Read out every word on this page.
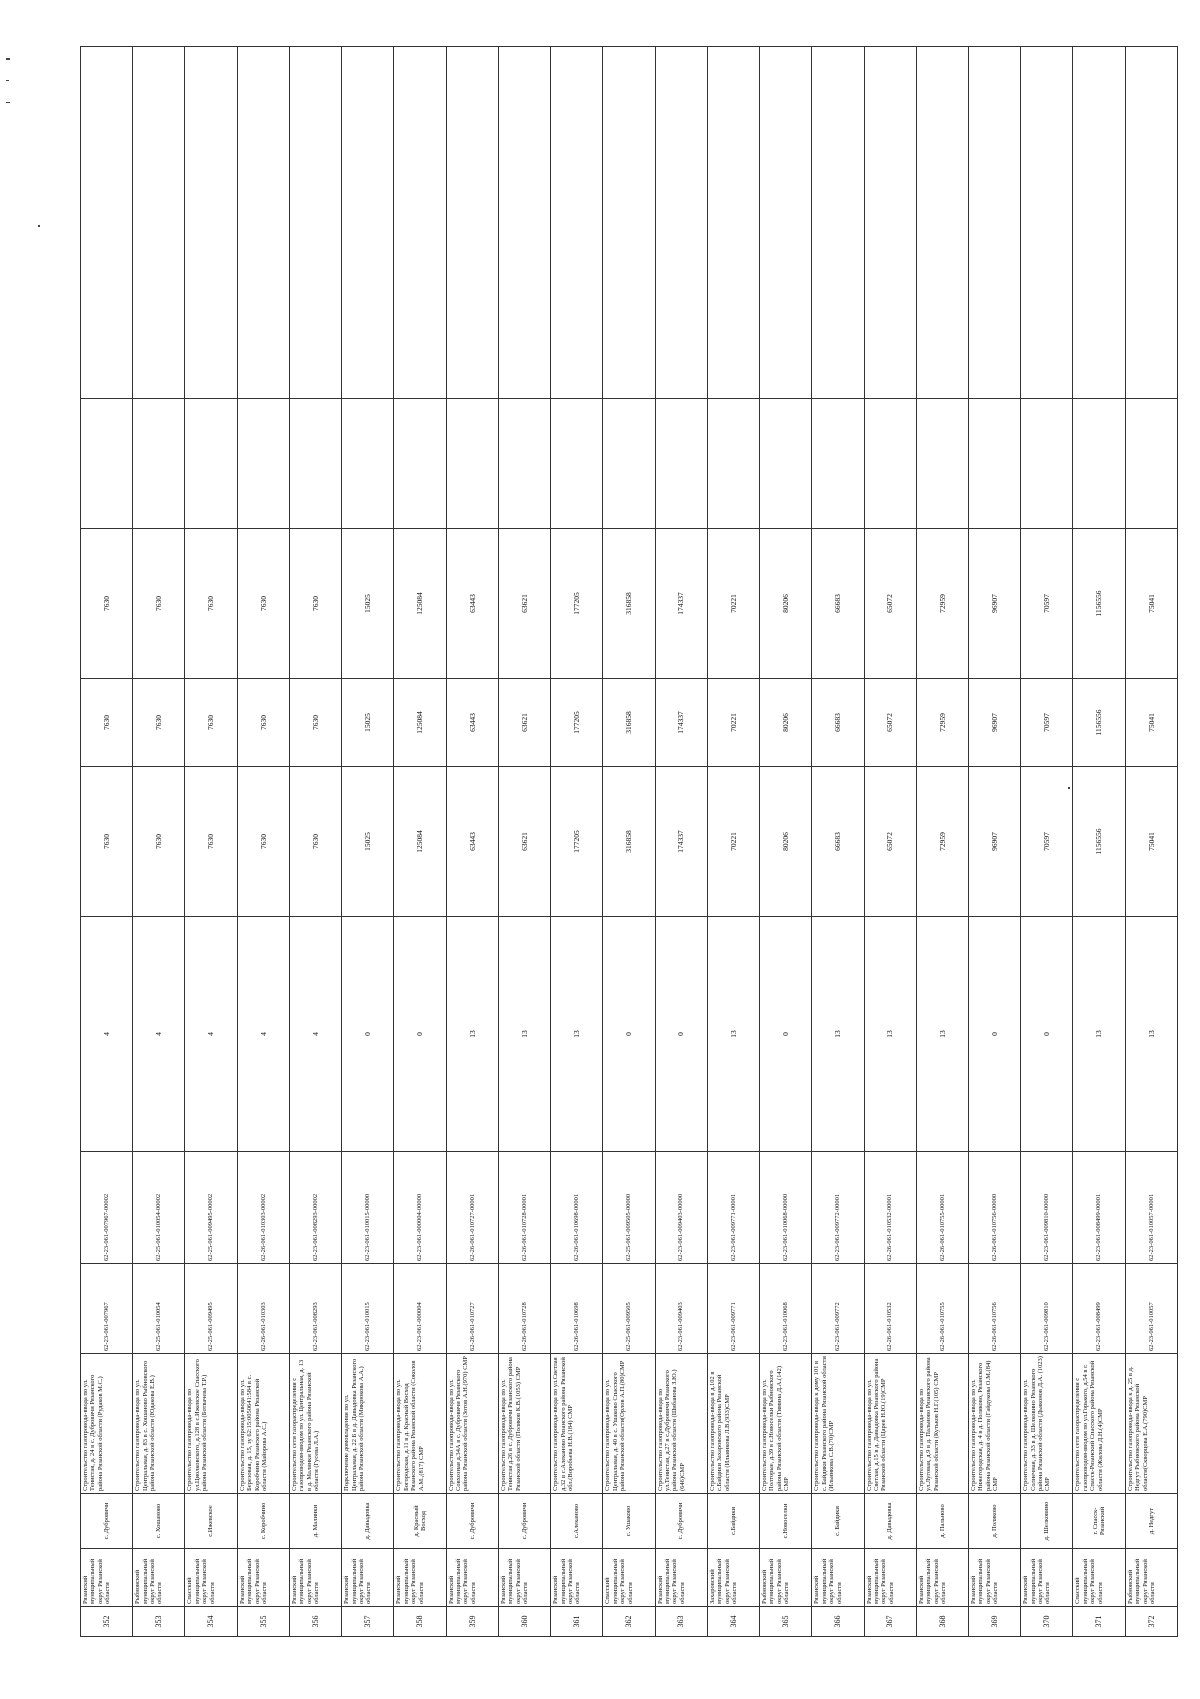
352	Рязанский муниципальный округ Рязанской области	с. Дубровичи	Строительство газопровода-ввода по ул. Тенистая, д. 24 в с. Дубровичи Рязанского района Рязанской области (Рудаков М.С.)	62-23-061-007967	62-23-061-007967-00002	4	7630	7630	7630		
353	Рыбновский муниципальный округ Рязанской области	с. Хошаново	Строительство газопровода-ввода по ул. Центральная, д. 83 в с. Хошаново Рыбновского района Рязанской области (Юдакова Е.В.)	62-25-061-010054	62-25-061-010054-00002	4	7630	7630	7630		
354	Спасский муниципальный округ Рязанской области	с.Ижевское	Строительство газопровода-ввода по ул.Циолковского, д.128 в с.Ижевское Спасского района Рязанской области (Ботвачева Т.Р.)	62-25-061-009495	62-25-061-009495-00002	4	7630	7630	7630		
355	Рязанский муниципальный округ Рязанской области	с. Коробчино	Строительство газопровода-ввода по ул. Березовая, д. 15, зу 62:15:0050641:584 в с. Коробчино Рязанского района Рязанской области (Майорова А.С.)	62-26-061-010303	62-26-061-010303-00002	4	7630	7630	7630		
356	Рязанский муниципальный округ Рязанской области	д. Малинки	Строительство сети газораспределения с газопроводом-вводом по ул. Центральная, д. 13 в д. Малинки Рязанского района Рязанской области (Гусева Л.А.)	62-23-061-008293	62-23-061-008293-00002	4	7630	7630	7630		
357	Рязанский муниципальный округ Рязанской области	д. Давыдовка	Подключение домовладения по ул. Центральная, д. 22 Б в д. Давыдовка Рязанского района Рязанской области (Микрюкова А.А.)	62-23-061-010015	62-23-061-010015-00000	0	15025	15025	15025		
358	Рязанский муниципальный округ Рязанской области	д. Красный Восход	Строительство газопровода-ввода по ул. Богородская, д.11 в д. Красный Восход Рязанского района Рязанской области (Соколов А.М.,(817) СМР	62-23-061-000004	62-23-061-000004-00000	0	125084	125084	125084		
359	Рязанский муниципальный округ Рязанской области	с. Дубровичи	Строительство газопровода-ввода по ул. Совхозная д.34А в с. Дубровичи Рязанского района Рязанской области (Зотов А.Н.(970) СМР	62-26-061-010727	62-26-061-010727-00001	13	63443	63443	63443		
360	Рязанский муниципальный округ Рязанской области	с. Дубровичи	Строительство газопровода-ввода по ул. Тенистая д.26 в с. Дубровичи Рязанского района Рязанской области (Поляков К.В.(1053) СМР	62-26-061-010728	62-26-061-010728-00001	13	63621	63621	63621		
361	Рязанский муниципальный округ Рязанской области	с.Алеканово	Строительство газопровода-ввода по ул.Светлая д.32 в с.Алеканово Рязанского района Рязанской обл.(Воробьева Н.В.(184) СМР	62-26-061-010698	62-26-061-010698-00001	13	177205	177205	177205		
362	Спасский муниципальный округ Рязанской области	с. Ушаково	Строительство газопровода-ввода по ул. Центральная, д. 40 в с. Ушаково Спасского района Рязанской области(Орлов А.П.(80)СМР	62-25-061-009505	62-25-061-009505-00000	0	316858	316858	316858		
363	Рязанский муниципальный округ Рязанской области	с. Дубровичи	Строительство газопровода-ввода по ул.Тенистая, д.27 в с.Дубровичи Рязанского района Рязанской области (Шибанова З.Ю.)(646)СМР	62-23-061-009403	62-23-061-009403-00000	0	174337	174337	174337		
364	Захаровский муниципальный округ Рязанской области	с.Байдики	Строительство газопровода-ввода в д.102 в с.Байдики Захаровского района Рязанской области (Ильинкова Л.В.(933)СМР	62-23-061-009771	62-23-061-009771-00001	13	70221	70221	70221		
365	Рыбновский муниципальный округ Рязанской области	с.Новоселки	Строительство газопровода-ввода по ул. Полторые, д.39 в с.Новоселки Рыбновского района Рязанской области (Тимина Д.А.(142) СМР	62-23-061-010068	62-23-061-010068-00000	0	80206	80206	80206		
366	Рязанский муниципальный округ Рязанской области	с. Байдики	Строительство газопровода-ввода к дому 101 в с. Байдики Рязанского района Рязанской области (Ильинкова С.В.(70)СМР	62-23-061-009772	62-23-061-009772-00001	13	66683	66683	66683		
367	Рязанский муниципальный округ Рязанской области	д. Давыдовка	Строительство газопровода-ввода по ул. Светлая, д.15 в д. Давыдовка Рязанского района Рязанской области (Царев Н.Ю.(19)СМР	62-26-061-010532	62-26-061-010532-00001	13	65072	65072	65072		
368	Рязанский муниципальный округ Рязанской области	д. Пальново	Строительство газопровода-ввода по ул.Луговая, д.9 в д. Пальново Рязанского района Рязанской области (Кутьков Н.Г.(105) СМР	62-26-061-010755	62-26-061-010755-00001	13	72959	72959	72959		
369	Рязанский муниципальный округ Рязанской области	д. Поляково	Строительство газопровода-ввода по ул. Нижегородская, д. 4 в д. Поляково, Рязанского района Рязанской области (Гайдукова О.М.(84) СМР	62-26-061-010756	62-26-061-010756-00000	0	96907	96907	96907		
370	Рязанский муниципальный округ Рязанской области	д. Шелковино	Строительство газопровода-ввода по ул. Солнечная, д. 33 в д. Шелковино Рязанского района Рязанской области (Дьяконов Д.А. (1023) СМР	62-23-061-009810	62-23-061-009810-00000	0	70597	70597	70597		
371	Спасский муниципальный округ Рязанской области	г. Спасск-Рязанский	Строительство сети газораспределения с газопроводом-вводом по ул.Горького, д.54 в г. Спасск-Рязанский Спасского района Рязанской области (Жилова Д.Н.(4)СМР	62-23-061-008499	62-23-061-008499-00001	13	1156556	1156556	1156556		
372	Рыбновский муниципальный округ Рязанской области	д. Недгут	Строительство газопровода-ввода к д. 25 в д. Недгут Рыбновского района Рязанской области(Скворцова Е.А.(790)СМР	62-23-061-010057	62-23-061-010057-00001	13	75041	75041	75041		
